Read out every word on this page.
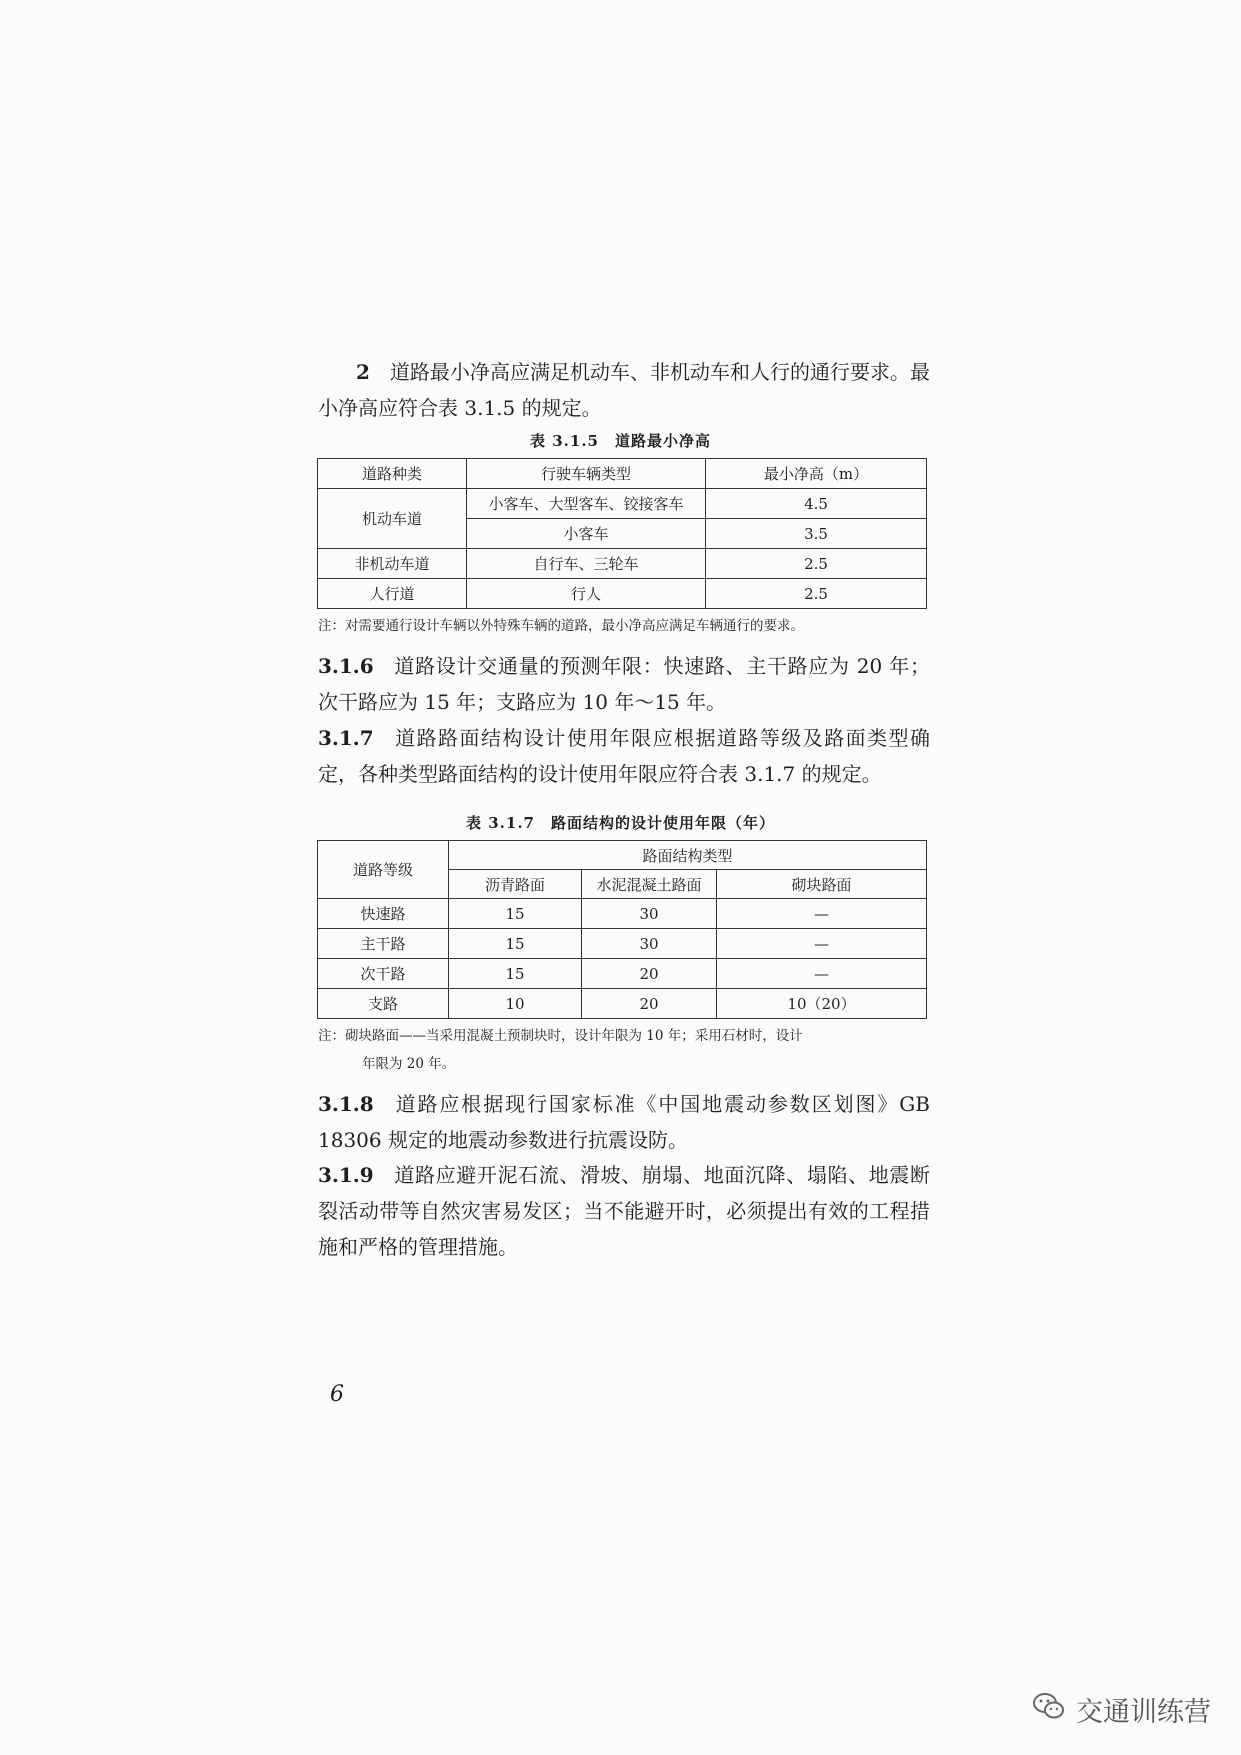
2 道路最小净高应满足机动车、非机动车和人行的通行要求。最小净高应符合表 3.1.5 的规定。

表 3.1.5　道路最小净高
道路种类	行驶车辆类型	最小净高（m）
机动车道	小客车、大型客车、铰接客车	4.5
	小客车	3.5
非机动车道	自行车、三轮车	2.5
人行道	行人	2.5

注：对需要通行设计车辆以外特殊车辆的道路，最小净高应满足车辆通行的要求。

3.1.6 道路设计交通量的预测年限：快速路、主干路应为 20 年；次干路应为 15 年；支路应为 10 年～15 年。

3.1.7 道路路面结构设计使用年限应根据道路等级及路面类型确定，各种类型路面结构的设计使用年限应符合表 3.1.7 的规定。

表 3.1.7　路面结构的设计使用年限（年）
道路等级	路面结构类型		
	沥青路面	水泥混凝土路面	砌块路面
快速路	15	30	—
主干路	15	30	—
次干路	15	20	—
支路	10	20	10（20）
注：砌块路面——当采用混凝土预制块时，设计年限为 10 年；采用石材时，设计
年限为 20 年。

3.1.8 道路应根据现行国家标准《中国地震动参数区划图》GB 18306 规定的地震动参数进行抗震设防。

3.1.9 道路应避开泥石流、滑坡、崩塌、地面沉降、塌陷、地震断裂活动带等自然灾害易发区；当不能避开时，必须提出有效的工程措施和严格的管理措施。

6
交通训练营
